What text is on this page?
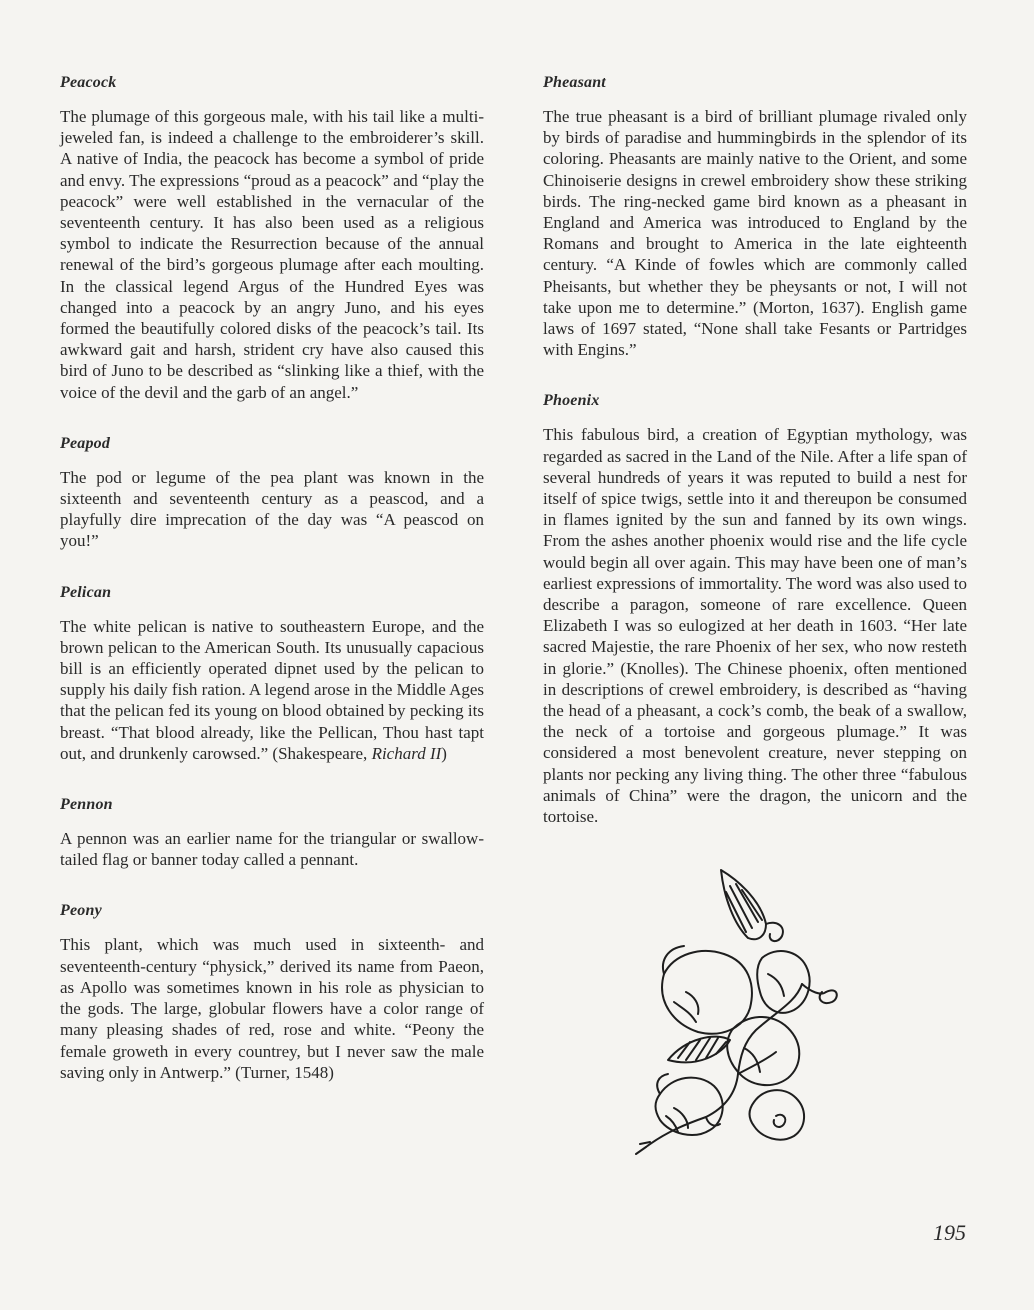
Peacock

The plumage of this gorgeous male, with his tail like a multi-jeweled fan, is indeed a challenge to the embroiderer’s skill. A native of India, the peacock has become a symbol of pride and envy. The expressions “proud as a peacock” and “play the peacock” were well established in the vernacular of the seventeenth century. It has also been used as a religious symbol to indicate the Resurrection because of the annual renewal of the bird’s gorgeous plumage after each moulting. In the classical legend Argus of the Hundred Eyes was changed into a peacock by an angry Juno, and his eyes formed the beautifully colored disks of the peacock’s tail. Its awkward gait and harsh, strident cry have also caused this bird of Juno to be described as “slinking like a thief, with the voice of the devil and the garb of an angel.”

Peapod

The pod or legume of the pea plant was known in the sixteenth and seventeenth century as a peascod, and a playfully dire imprecation of the day was “A peascod on you!”

Pelican

The white pelican is native to southeastern Europe, and the brown pelican to the American South. Its unusually capacious bill is an efficiently operated dipnet used by the pelican to supply his daily fish ration. A legend arose in the Middle Ages that the pelican fed its young on blood obtained by pecking its breast. “That blood already, like the Pellican, Thou hast tapt out, and drunkenly carowsed.” (Shakespeare, Richard II)

Pennon

A pennon was an earlier name for the triangular or swallow-tailed flag or banner today called a pennant.

Peony

This plant, which was much used in sixteenth- and seventeenth-century “physick,” derived its name from Paeon, as Apollo was sometimes known in his role as physician to the gods. The large, globular flowers have a color range of many pleasing shades of red, rose and white. “Peony the female groweth in every countrey, but I never saw the male saving only in Antwerp.” (Turner, 1548)

Pheasant

The true pheasant is a bird of brilliant plumage rivaled only by birds of paradise and hummingbirds in the splendor of its coloring. Pheasants are mainly native to the Orient, and some Chinoiserie designs in crewel embroidery show these striking birds. The ring-necked game bird known as a pheasant in England and America was introduced to England by the Romans and brought to America in the late eighteenth century. “A Kinde of fowles which are commonly called Pheisants, but whether they be pheysants or not, I will not take upon me to determine.” (Morton, 1637). English game laws of 1697 stated, “None shall take Fesants or Partridges with Engins.”

Phoenix

This fabulous bird, a creation of Egyptian mythology, was regarded as sacred in the Land of the Nile. After a life span of several hundreds of years it was reputed to build a nest for itself of spice twigs, settle into it and thereupon be consumed in flames ignited by the sun and fanned by its own wings. From the ashes another phoenix would rise and the life cycle would begin all over again. This may have been one of man’s earliest expressions of immortality. The word was also used to describe a paragon, someone of rare excellence. Queen Elizabeth I was so eulogized at her death in 1603. “Her late sacred Majestie, the rare Phoenix of her sex, who now resteth in glorie.” (Knolles). The Chinese phoenix, often mentioned in descriptions of crewel embroidery, is described as “having the head of a pheasant, a cock’s comb, the beak of a swallow, the neck of a tortoise and gorgeous plumage.” It was considered a most benevolent creature, never stepping on plants nor pecking any living thing. The other three “fabulous animals of China” were the dragon, the unicorn and the tortoise.

195
